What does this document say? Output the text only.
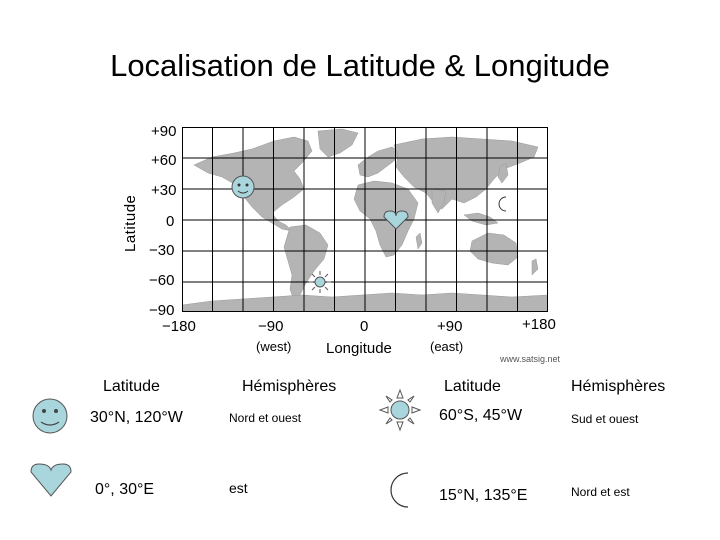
Localisation de Latitude & Longitude
Latitude
+90
+60
+30
0
−30
−60
−90
−180	−90	0	+90	+180
(west) Longitude	(east)
www.satsig.net
Latitude	Hémisphères
30°N, 120°W	Nord et ouest
0°, 30°E	est
Latitude	Hémisphères
60°S, 45°W	Sud et ouest
15°N, 135°E	Nord et est
